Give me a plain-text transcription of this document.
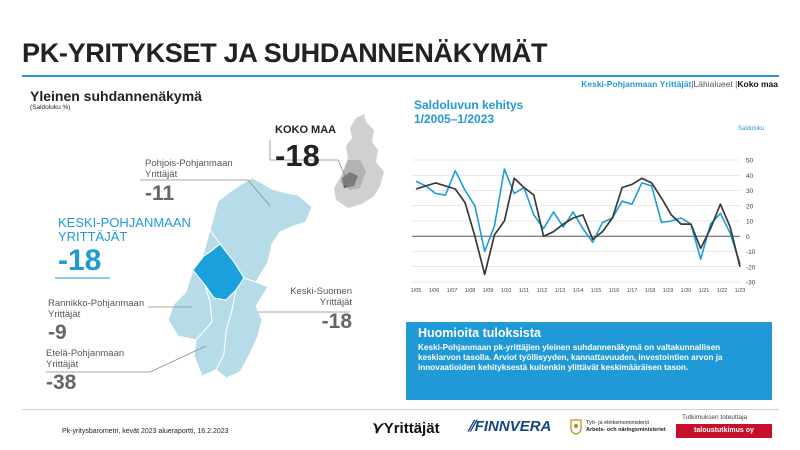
PK-YRITYKSET JA SUHDANNENÄKYMÄT
Keski-Pohjanmaan Yrittäjät|Lähialueet |Koko maa
Yleinen suhdannenäkymä
(Saldoluku %)
KOKO MAA
-18
Pohjois-Pohjanmaan
Yrittäjät
-11
KESKI-POHJANMAAN
YRITTÄJÄT
-18
Keski-Suomen
Yrittäjät
-18
Rannikko-Pohjanmaan
Yrittäjät
-9
Etelä-Pohjanmaan
Yrittäjät
-38
Saldoluvun kehitys
1/2005–1/2023
Saldoluku
50
40
30
20
10
0
-10
-20
-30
1/05 1/06 1/07 1/08 1/09 1/10 1/11 1/12 1/13 1/14 1/15 1/16 1/17 1/18 1/19 1/20 1/21 1/22 1/23
Huomioita tuloksista
Keski-Pohjanmaan pk-yrittäjien yleinen suhdannenäkymä on valtakunnallisen keskiarvon tasolla. Arviot työllisyyden, kannattavuuden, investointien arvon ja innovaatioiden kehityksestä kuitenkin ylittävät keskimääräisen tason.
Pk-yritysbarometri, kevät 2023 alueraportti, 16.2.2023	⋎Yrittäjät ⫽FINNVERA	Työ- ja elinkeinoministeriö
Arbets- och näringsministeriet
Tutkimuksen toteuttaja
taloustutkimus oy
